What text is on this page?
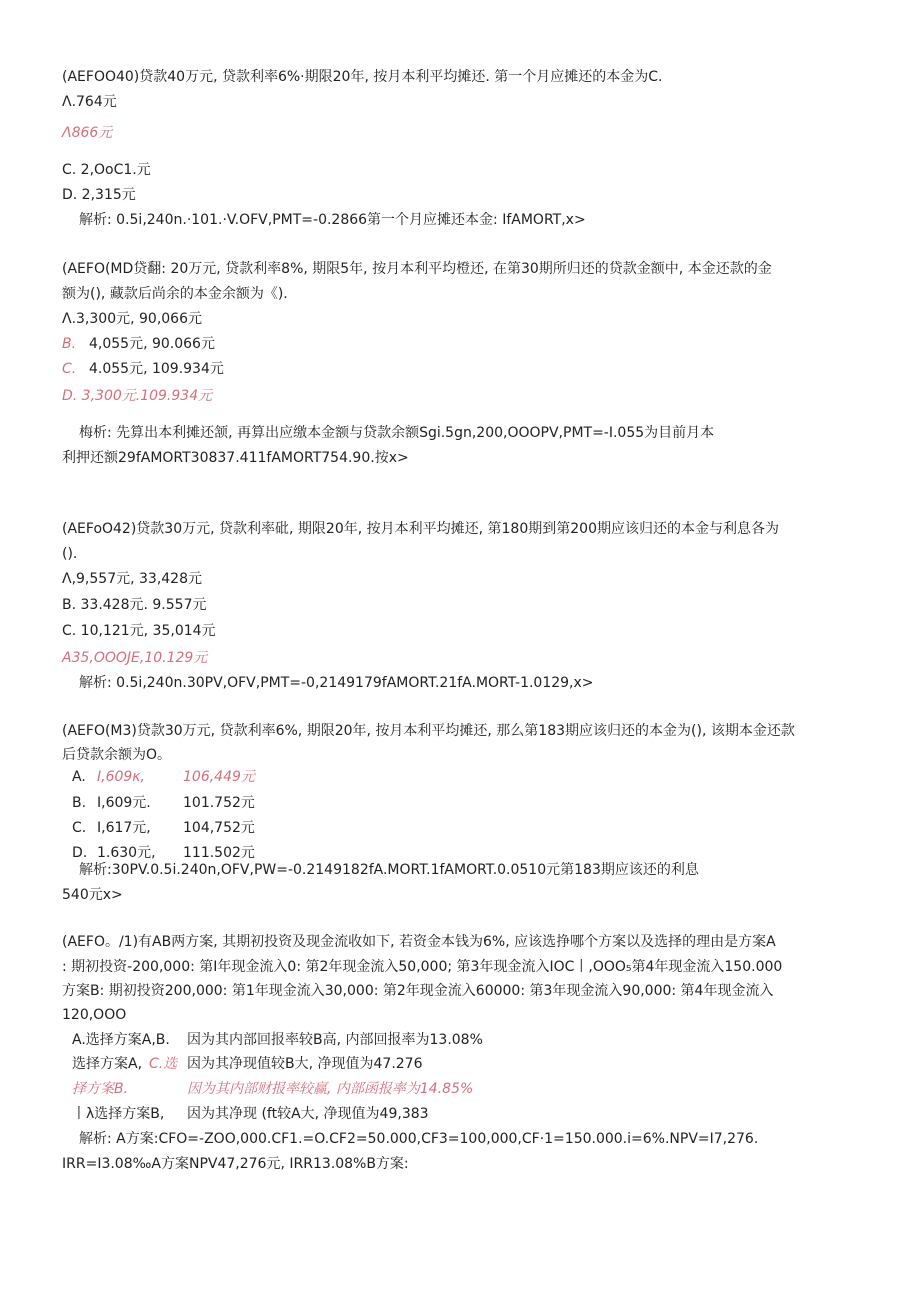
(AEFOO40)贷款40万元, 贷款利率6%·期限20年, 按月本利平均摊还. 第一个月应摊还的本金为C.
Λ.764元
Λ866元
C. 2,OoC1.元
D. 2,315元
解析: 0.5i,240n.·101.·V.OFV,PMT=-0.2866第一个月应摊还本金: IfAMORT,x>
(AEFO(MD贷翻: 20万元, 贷款利率8%, 期限5年, 按月本利平均橙还, 在第30期所归还的贷款金额中, 本金还款的金
额为(), 藏款后尚余的本金余额为《).
Λ.3,300元, 90,066元
B. 4,055元, 90.066元
C. 4.055元, 109.934元
D. 3,300元.109.934元
梅析: 先算出本利摊还颔, 再算出应缴本金额与贷款余额Sgi.5gn,200,OOOPV,PMT=-I.055为目前月本
利押还额29fAMORT30837.411fAMORT754.90.按x>
(AEFoO42)贷款30万元, 贷款利率砒, 期限20年, 按月本利平均摊还, 第180期到第200期应该归还的本金与利息各为
().
Λ,9,557元, 33,428元
B. 33.428元. 9.557元
C. 10,121元, 35,014元
A35,OOOJE,10.129元
解析: 0.5i,240n.30PV,OFV,PMT=-0,2149179fAMORT.21fA.MORT-1.0129,x>
(AEFO(M3)贷款30万元, 贷款利率6%, 期限20年, 按月本利平均摊还, 那么第183期应该归还的本金为(), 该期本金还款
后贷款余额为O。
A. I,609κ,	106,449元
B. I,609元. 101.752元
C. I,617元, 104,752元
D. 1.630元, 111.502元
解析:30PV.0.5i.240n,OFV,PW=-0.2149182fA.MORT.1fAMORT.0.0510元第183期应该还的利息
540元x>
(AEFO。/1)有AB两方案, 其期初投资及现金流收如下, 若资金本钱为6%, 应该选挣哪个方案以及选择的理由是方案A
: 期初投资-200,000: 第I年现金流入0: 第2年现金流入50,000; 第3年现金流入IOC丨,OOO₅第4年现金流入150.000
方案B: 期初投资200,000: 第1年现金流入30,000: 第2年现金流入60000: 第3年现金流入90,000: 第4年现金流入
120,OOO
A.选择方案A,B. 因为其内部回报率较B高, 内部回报率为13.08%
选择方案A, C.选 因为其净现值较B大, 净现值为47.276
择方案B.	因为其内部财报率较赢, 内部函报率为14.85%
丨λ选择方案B, 因为其净现 (ft较A大, 净现值为49,383
解析: A方案:CFO=-ZOO,000.CF1.=O.CF2=50.000,CF3=100,000,CF·1=150.000.i=6%.NPV=I7,276.
IRR=I3.08‰A方案NPV47,276元, IRR13.08%B方案:
